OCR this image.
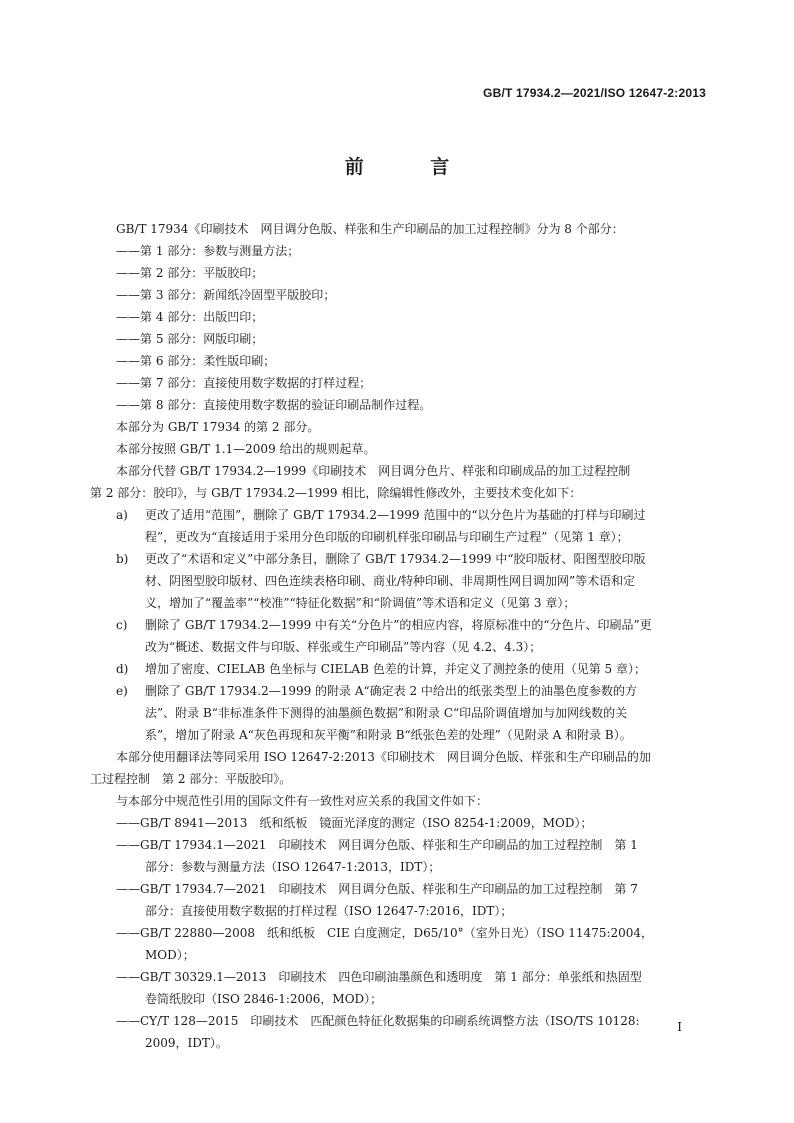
GB/T 17934.2—2021/ISO 12647-2:2013
前 言
GB/T 17934《印刷技术　网目调分色版、样张和生产印刷品的加工过程控制》分为 8 个部分：
——第 1 部分：参数与测量方法；
——第 2 部分：平版胶印；
——第 3 部分：新闻纸冷固型平版胶印；
——第 4 部分：出版凹印；
——第 5 部分：网版印刷；
——第 6 部分：柔性版印刷；
——第 7 部分：直接使用数字数据的打样过程；
——第 8 部分：直接使用数字数据的验证印刷品制作过程。
本部分为 GB/T 17934 的第 2 部分。
本部分按照 GB/T 1.1—2009 给出的规则起草。
本部分代替 GB/T 17934.2—1999《印刷技术　网目调分色片、样张和印刷成品的加工过程控制
第 2 部分：胶印》，与 GB/T 17934.2—1999 相比，除编辑性修改外，主要技术变化如下：
a) 更改了适用“范围”，删除了 GB/T 17934.2—1999 范围中的“以分色片为基础的打样与印刷过
程”，更改为“直接适用于采用分色印版的印刷机样张印刷品与印刷生产过程”（见第 1 章）；
b) 更改了“术语和定义”中部分条目，删除了 GB/T 17934.2—1999 中“胶印版材、阳图型胶印版
材、阴图型胶印版材、四色连续表格印刷、商业/特种印刷、非周期性网目调加网”等术语和定
义，增加了“覆盖率”“校准”“特征化数据”和“阶调值”等术语和定义（见第 3 章）；
c) 删除了 GB/T 17934.2—1999 中有关“分色片”的相应内容，将原标准中的“分色片、印刷品”更
改为“概述、数据文件与印版、样张或生产印刷品”等内容（见 4.2、4.3）；
d) 增加了密度、CIELAB 色坐标与 CIELAB 色差的计算，并定义了测控条的使用（见第 5 章）；
e) 删除了 GB/T 17934.2—1999 的附录 A“确定表 2 中给出的纸张类型上的油墨色度参数的方
法”、附录 B“非标准条件下测得的油墨颜色数据”和附录 C“印品阶调值增加与加网线数的关
系”，增加了附录 A“灰色再现和灰平衡”和附录 B“纸张色差的处理”（见附录 A 和附录 B）。
本部分使用翻译法等同采用 ISO 12647-2:2013《印刷技术　网目调分色版、样张和生产印刷品的加
工过程控制　第 2 部分：平版胶印》。
与本部分中规范性引用的国际文件有一致性对应关系的我国文件如下：
——GB/T 8941—2013　纸和纸板　镜面光泽度的测定（ISO 8254-1:2009，MOD）；
——GB/T 17934.1—2021　印刷技术　网目调分色版、样张和生产印刷品的加工过程控制　第 1
部分：参数与测量方法（ISO 12647-1:2013，IDT）；
——GB/T 17934.7—2021　印刷技术　网目调分色版、样张和生产印刷品的加工过程控制　第 7
部分：直接使用数字数据的打样过程（ISO 12647-7:2016，IDT）；
——GB/T 22880—2008　纸和纸板　CIE 白度测定，D65/10°（室外日光）（ISO 11475:2004，
MOD）；
——GB/T 30329.1—2013　印刷技术　四色印刷油墨颜色和透明度　第 1 部分：单张纸和热固型
卷筒纸胶印（ISO 2846-1:2006，MOD）；
——CY/T 128—2015　印刷技术　匹配颜色特征化数据集的印刷系统调整方法（ISO/TS 10128:
2009，IDT）。
I
